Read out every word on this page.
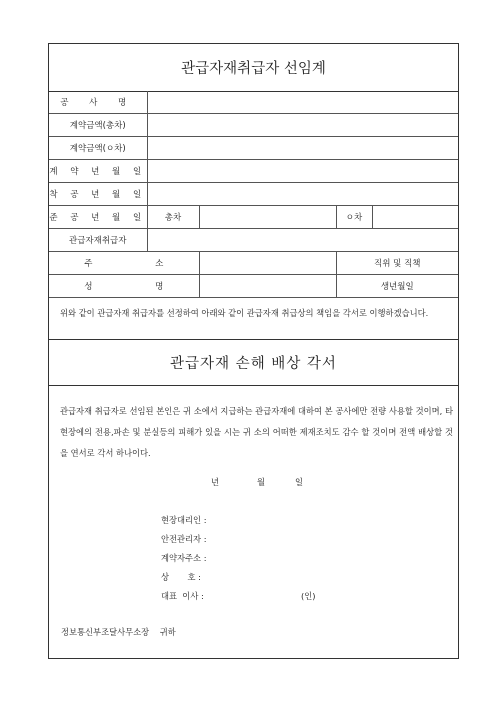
관급자재취급자 선임계
공 사 명				
계약금액(총차)				
계약금액(ㅇ차)				
계 약 년 월 일				
착 공 년 월 일				
준 공 년 월 일	총차		ㅇ차	
관급자재취급자				
주 소			직위 및 직책	
성 명			생년월일	
위와 같이 관급자재 취급자를 선정하여 아래와 같이 관급자재 취급상의 책임을 각서로 이행하겠습니다.
관급자재 손해 배상 각서
관급자재 취급자로 선임된 본인은 귀 소에서 지급하는 관급자재에 대하여 본 공사에만 전량 사용할 것이며, 타 현장에의 전용,파손 및 분실등의 피해가 있을 시는 귀 소의 어떠한 제재조치도 감수 할 것이며 전액 배상할 것을 연서로 각서 하나이다.
년	월	일
현장대리인 :
안전관리자 :
계약자주소 :
상       호 :
대표  이사 :	(인)
정보통신부조달사무소장    귀하
